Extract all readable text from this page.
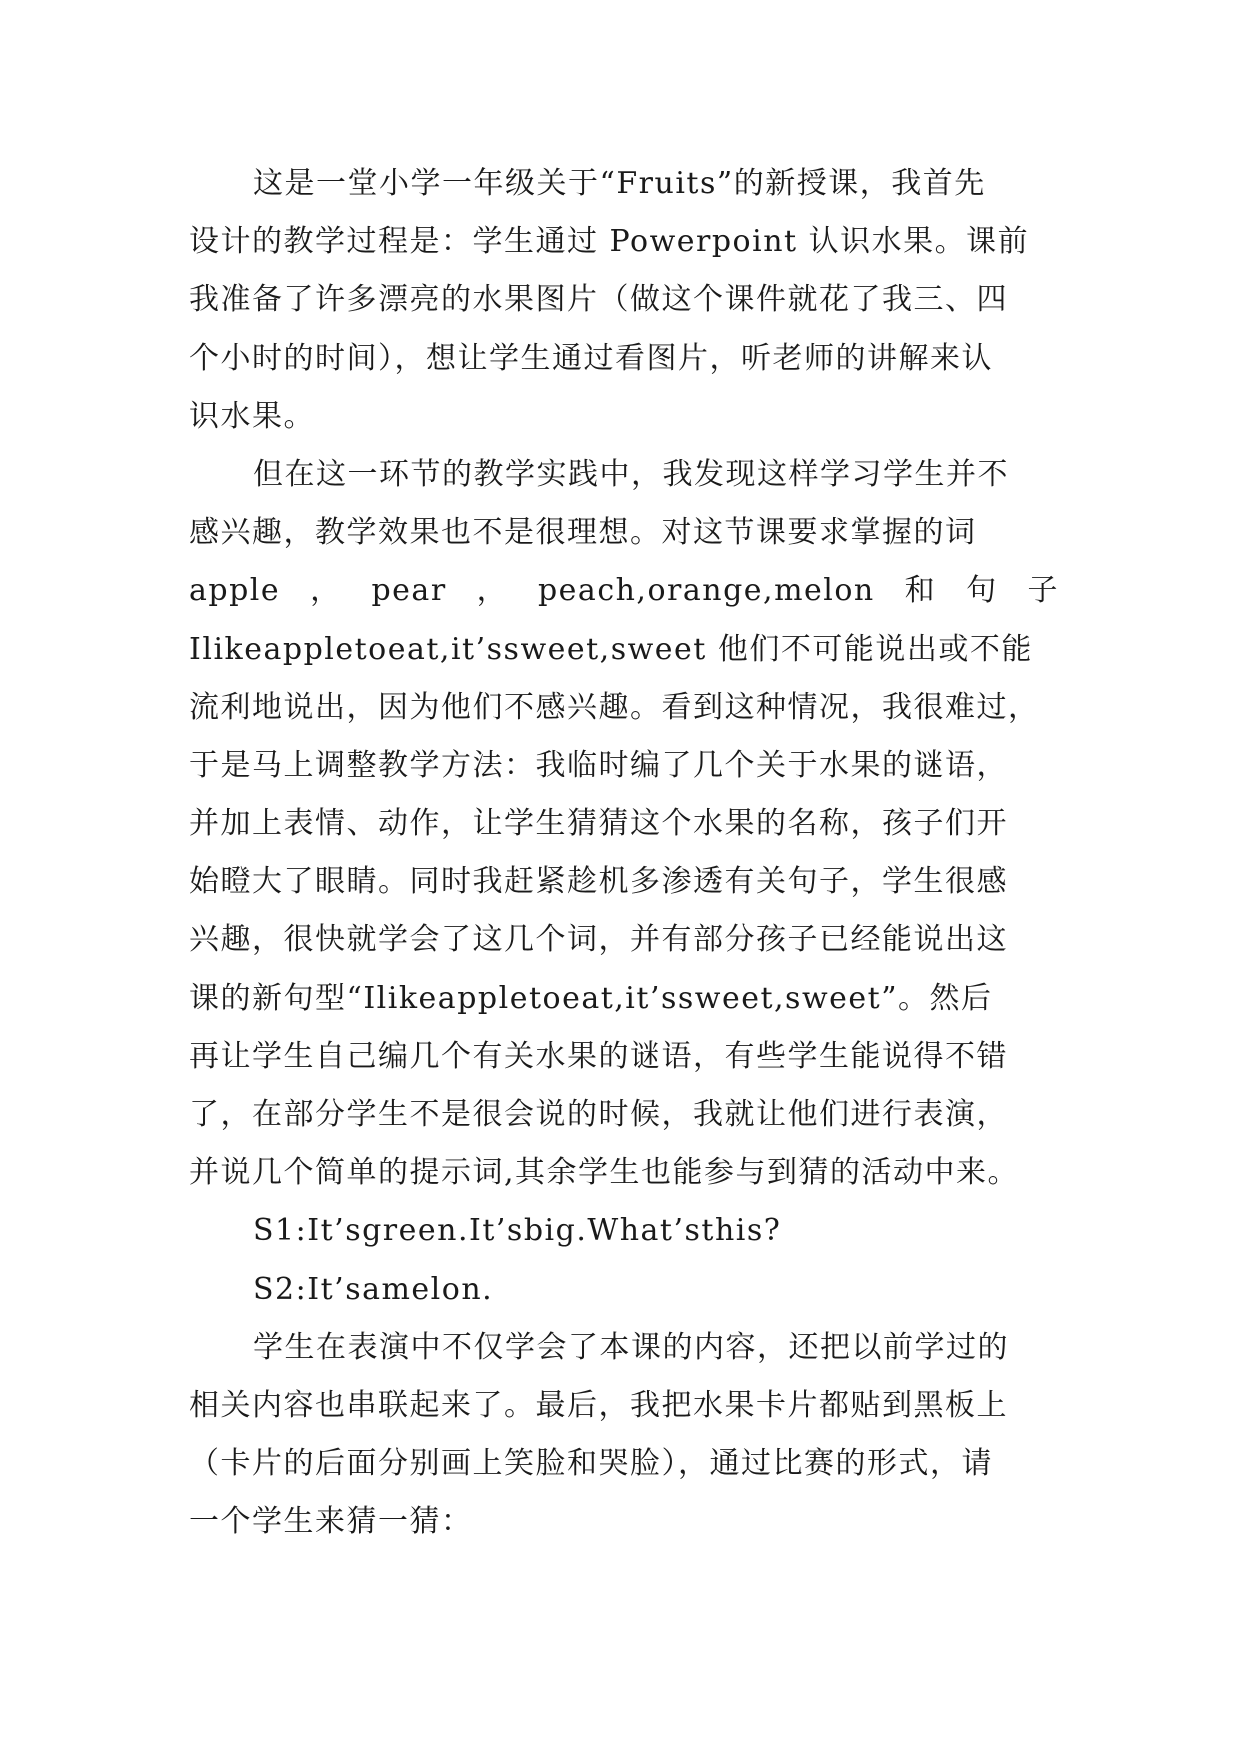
这是一堂小学一年级关于“Fruits”的新授课，我首先
设计的教学过程是：学生通过 Powerpoint 认识水果。课前
我准备了许多漂亮的水果图片（做这个课件就花了我三、四
个小时的时间），想让学生通过看图片，听老师的讲解来认
识水果。
但在这一环节的教学实践中，我发现这样学习学生并不
感兴趣，教学效果也不是很理想。对这节课要求掌握的词
apple ， pear ， peach,orange,melon 和 句 子
Ilikeappletoeat,it’ssweet,sweet 他们不可能说出或不能
流利地说出，因为他们不感兴趣。看到这种情况，我很难过，
于是马上调整教学方法：我临时编了几个关于水果的谜语，
并加上表情、动作，让学生猜猜这个水果的名称，孩子们开
始瞪大了眼睛。同时我赶紧趁机多渗透有关句子，学生很感
兴趣，很快就学会了这几个词，并有部分孩子已经能说出这
课的新句型“Ilikeappletoeat,it’ssweet,sweet”。然后
再让学生自己编几个有关水果的谜语，有些学生能说得不错
了，在部分学生不是很会说的时候，我就让他们进行表演，
并说几个简单的提示词,其余学生也能参与到猜的活动中来。
S1:It’sgreen.It’sbig.What’sthis?
S2:It’samelon.
学生在表演中不仅学会了本课的内容，还把以前学过的
相关内容也串联起来了。最后，我把水果卡片都贴到黑板上
（卡片的后面分别画上笑脸和哭脸），通过比赛的形式，请
一个学生来猜一猜：
